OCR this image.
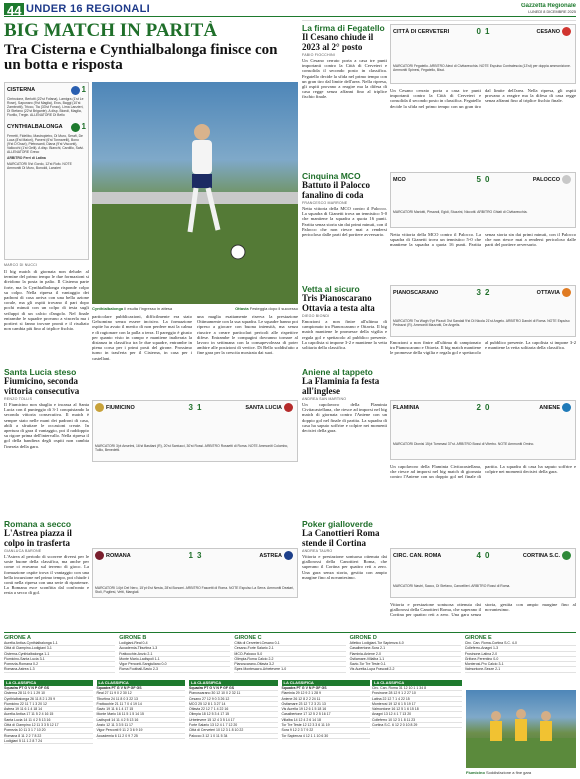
44 UNDER 16 REGIONALI	Gazzetta Regionale
LUNEDÌ 8 DICEMBRE 2025
BIG MATCH IN PARITÀ
Tra Cisterna e Cynthialbalonga finisce con un botta e risposta
CISTERNA	1
Cirrincione, Berlotti (22'st Fofana), Lamigra (1'st Le Rose), Saponaro (9'st Maglia), Eros, Baggi (10'st Zambrotti), Tricco, Tia (33'st Fonzo), Lima Lanzieri, Di Stefano (22'st Brigante). A disp. Biondi, Maglia, Fiorillo, Tregin. ALLENATORE Di Bello
CYNTHIALBALONGA	1
Ferretti, Fidelibo, Mastropietro, Di Muro, Serafi, De Luca (8'st Maiori), Paneni (6'st Tonnarelli), Bono (9'st D'Orazi), Pietrosanti, Diana (9'st Visconti), Vallocchi (1'st Gelli). A disp. Bianchi, Cardillo, Salvi. ALLENATORE Greco
ARBITRO Ferri di Latina
MARCATORI 5'st Gordo, 12'st Rufo. NOTE Ammoniti Di Muro, Bonoldi, Lanzieri
Cynthialbalonga Il esulta l'ingresso in attesa	Ottavia Festeggia dopo il successo
MARCO DI NUCCI
Il big match di giornata non delude: al termine del primo tempo le due formazioni si dividono la posta in palio. Il Cisterna parte forte, ma la Cynthialbalonga risponde colpo su colpo. Nella ripresa il vantaggio dei padroni di casa arriva con una bella azione corale, ma gli ospiti trovano il pari dopo pochi minuti con un colpo di testa sugli sviluppi di un calcio d'angolo. Nel finale entrambe le squadre provano a vincerla ma i portieri si fanno trovare pronti e il risultato non cambia più fino al triplice fischio.
particolare pubblicazioni, difficilmente era stato Gelsomino senza essere incisivo. La formazione ospite ha avuto il merito di non perdere mai la calma e di ragionare con la palla a terra. Il pareggio è giusto per quanto visto in campo e mantiene inalterata la distanza in classifica tra le due squadre, entrambe in piena corsa per i primi posti del girone. Prossimo turno in trasferta per il Cisterna, in casa per i castellani.
una maglia esattamente riserva la prestazione Ottimamente con la sua squadra. Le squadre hanno poi ripreso a giocare con buona intensità, ma senza riuscire a creare particolari pericoli alle rispettive difese. Entrambe le compagini dovranno tornare al lavoro in settimana con la consapevolezza di poter ambire alle posizioni di vertice. Di Bello soddisfatto a fine gara per la crescita mostrata dai suoi.
Santa Lucia steso
Fiumicino, seconda vittoria consecutiva
RENZO TOLLIS
Il Fiumicino non sbaglia e incassa al Santa Lucia con il punteggio di 3-1 conquistando la seconda vittoria consecutiva. Il match è sempre stato nelle mani dei padroni di casa, abili a sfruttare le occasioni create. In apertura di gara il vantaggio, poi il raddoppio su rigore prima dell'intervallo. Nella ripresa il gol della bandiera degli ospiti non cambia l'inerzia della gara.
FIUMICINO	3 1	SANTA LUCIA
MARCATORI 3'pt Anselmi, 16'st Bastiani (R), 20'st Santucci, 30'st Rossi. ARBITRO Rossetti di Roma. NOTE Ammoniti Colombo, Tullio, Benedetti.
Romana a secco
L'Astrea piazza il colpo in trasferta
GIANLUCA BARONE
L'Astrea al periodo di scorrere diversi per le soste buone della classifica, ma anche per come ci eravamo sul terreno di gioco. La formazione ospite trova il vantaggio con una bella incursione nel primo tempo, poi chiude i conti nella ripresa con una serie di ripartenze. La Romana esce sconfitta dal confronto e resta a secco di gol.
ROMANA	1 3	ASTREA
MARCATORI 14'pt Del Nero, 15'pt 6'st Nesta, 28'st Bonomi. ARBITRO Fascetti di Roma. NOTE Espulso La Serra. Ammoniti Deatari, Stoli, Pugliesi, Vetti, Mangiali.
La firma di Fegatello
Il Cesano chiude il 2023 al 2° posto
FABIO FIOCCHINI
Un Cesano cerrato porta a casa tre punti importanti contro la Città di Cerveteri e consolida il secondo posto in classifica. Fegatello decide la sfida nel primo tempo con un gran tiro dal limite dell'area. Nella ripresa, gli ospiti provano a reagire ma la difesa di casa regge senza affanni fino al triplice fischio finale.
CITTÀ DI CERVETERI	0 1	CESANO
MARCATORI Fegatello. ARBITRO Aleoi di Civitavecchia. NOTE Espulso Contralescia (13'st) per doppia ammonizione. Ammoniti Spinesi, Fegatello, Bisci.
Un Cesano cerrato porta a casa tre punti importanti contro la Città di Cerveteri e consolida il secondo posto in classifica. Fegatello decide la sfida nel primo tempo con un gran tiro dal limite dell'area. Nella ripresa, gli ospiti provano a reagire ma la difesa di casa regge senza affanni fino al triplice fischio finale.
Cinquina MCO
Battuto il Palocco fanalino di coda
FRANCESCO MARRONE
Netta vittoria della MCO contro il Palocco. La squadra di Gianetti trova un tennistico 5-0 che mantiene la squadra a quota 16 punti. Partita senza storia sin dai primi minuti, con il Palocco che non riesce mai a rendersi pericoloso dalle parti del portiere avversario.
MCO	5 0	PALOCCO
MARCATORI Mariotti, Pirsandi, Egidi, Stuzzini, Niccotti. ARBITRO Ghiati di Civitavecchia.
Netta vittoria della MCO contro il Palocco. La squadra di Gianetti trova un tennistico 5-0 che mantiene la squadra a quota 16 punti. Partita senza storia sin dai primi minuti, con il Palocco che non riesce mai a rendersi pericoloso dalle parti del portiere avversario.
Vetta al sicuro
Tris Pianoscarano Ottavia a testa alta
DIEGO BIONDI
Emozioni a non finire all'ultima di campionato tra Pianoscarano e Ottavia. Il big match mantiene le promesse della vigilia e regala gol e spettacolo al pubblico presente. La capolista si impone 3-2 e mantiene la vetta solitaria della classifica.
PIANOSCARANO	3 2	OTTAVIA
MARCATORI Tra Wagh 9'pt Pizzuti 3'st Sandali 9'st Di Nicola 21'st Angelo. ARBITRO Dandri di Roma. NOTE Espulso Pedrazzi (R). Ammoniti Mazzotti, De Angelis.
Emozioni a non finire all'ultima di campionato tra Pianoscarano e Ottavia. Il big match mantiene le promesse della vigilia e regala gol e spettacolo al pubblico presente. La capolista si impone 3-2 e mantiene la vetta solitaria della classifica.
Aniene al tappeto
La Flaminia fa festa all'inglese
ANDREA SAN MARTINO
Un capolavoro della Flaminia Civitacastellana, che riesce ad imporsi nel big match di giornata contro l'Aniene con un doppio gol nel finale di partita. La squadra di casa ha saputo soffrire e colpire nei momenti decisivi della gara.
FLAMINIA	2 0	ANIENE
MARCATORI Dionisi 15'pt Tommasi 37'st. ARBITRO Bossi di Viterbo. NOTE Ammoniti Ornino.
Un capolavoro della Flaminia Civitacastellana, che riesce ad imporsi nel big match di giornata contro l'Aniene con un doppio gol nel finale di partita. La squadra di casa ha saputo soffrire e colpire nei momenti decisivi della gara.
Poker gialloverde
La Canottieri Roma stende il Cortina
ANDREA TAURO
Vittoria e prestazione sontuosa ottenuta dai giallorossi della Canottieri Roma, che superano il Cortina per quattro reti a zero. Una gara senza storia, gestita con ampio margine fino al novantesimo.
CIRC. CAN. ROMA	4 0	CORTINA S.C.
MARCATORI Nastri, Sacco, Di Stefano, Cancellieri. ARBITRO Rossi di Roma.
Vittoria e prestazione sontuosa ottenuta dai giallorossi della Canottieri Roma, che superano il Cortina per quattro reti a zero. Una gara senza storia, gestita con ampio margine fino al novantesimo.
GIRONE A
Aurelia Antica-Cynthialbalonga 1-1
Città di Ciampino-Lodigiani 3-1
Cisterna-Cynthialbalonga 1-1
Fiumicino-Santa Lucia 3-1
Pomezia-Romana 0-2
Romana-Astrea 1-3
GIRONE B
Lodigiani-Real 0-4
Accademia-Tiburtina 1-3
Frattocchie-Anzio 2-1
Monte Mario-Ladispoli 1-1
Vigor Perconti-Sangiuliano 0-0
Roma Football-Savio 2-3
GIRONE C
Città di Cerveteri-Cesano 0-1
Cesano-Forte Salario 2-1
MCO-Palocco 5-0
Olimpia-Roma Calcio 2-2
Pianoscarano-Ottavia 3-2
Spes Montesacro-Urbetevere 1-0
GIRONE D
Atletico Lodigiani-Tor Sapienza 4-0
Casalbertone-Sora 2-1
Flaminia-Aniene 2-0
Ostiamare-Villalba 1-1
Savio-Tor Tre Teste 0-1
Vis Aurelia-Lupa Frascati 2-2
GIRONE E
Circ. Can. Roma-Cortina S.C. 4-0
Colleferro-Anagni 1-3
Frosinone-Latina 2-0
Grifone-Ferentino 0-0
Monterosi-Pro Calcio 3-1
Valmontone-Sezze 2-1
LA CLASSIFICA
Squadra PT G V N P GF GS
Cisterna 28 11 9 1 1 29 10
Cynthialbalonga 26 11 8 2 1 25 9
Fiumicino 22 11 7 1 3 20 12
Astrea 19 11 6 1 4 18 14
Aurelia Antica 17 11 5 2 4 16 15
Santa Lucia 14 11 4 2 5 13 16
Città di Ciampino 12 11 3 3 5 12 17
Pomezia 10 11 3 1 7 10 20
Romana 8 11 2 2 7 8 22
Lodigiani 5 11 1 2 8 7 24
LA CLASSIFICA
Squadra PT G V N P GF GS
Real 27 11 9 0 2 30 12
Tiburtina 24 11 8 0 3 22 13
Frattocchie 21 11 7 0 4 19 14
Savio 19 11 6 1 4 17 15
Monte Mario 16 11 5 1 5 14 15
Ladispoli 14 11 4 2 5 13 16
Anzio 12 11 3 3 5 11 17
Vigor Perconti 9 11 2 3 6 9 19
Accademia 6 11 2 0 9 7 25
LA CLASSIFICA
Squadra PT G V N P GF GS
Pianoscarano 30 12 10 0 2 32 11
Cesano 27 12 9 0 3 26 12
MCO 25 12 8 1 3 27 14
Ottavia 22 12 7 1 4 22 16
Olimpia 18 12 5 3 4 17 15
Urbetevere 15 12 4 3 5 14 17
Forte Salario 13 12 4 1 7 12 20
Città di Cerveteri 10 12 3 1 8 10 22
Palocco 3 12 1 0 11 5 34
LA CLASSIFICA
Squadra PT G V N P GF GS
Flaminia 29 12 9 2 1 28 9
Aniene 26 12 8 2 2 24 11
Ostiamare 23 12 7 2 3 21 13
Vis Aurelia 19 12 6 1 5 18 16
Casalbertone 17 12 5 2 5 16 17
Villalba 14 12 4 2 6 14 18
Tor Tre Teste 12 12 3 3 6 11 19
Sora 9 12 2 3 7 9 22
Tor Sapienza 4 12 1 1 10 6 30
Fiumicino Soddisfazione a fine gara
LA CLASSIFICA
Circ. Can. Roma 31 12 10 1 1 34 8
Frosinone 28 12 9 1 2 27 10
Latina 22 12 7 1 4 22 15
Monterosi 19 12 6 1 5 19 17
Valmontone 16 12 5 1 6 15 18
Anagni 13 12 4 1 7 13 20
Colleferro 10 12 3 1 8 11 23
Cortina S.C. 6 12 2 0 10 8 29
